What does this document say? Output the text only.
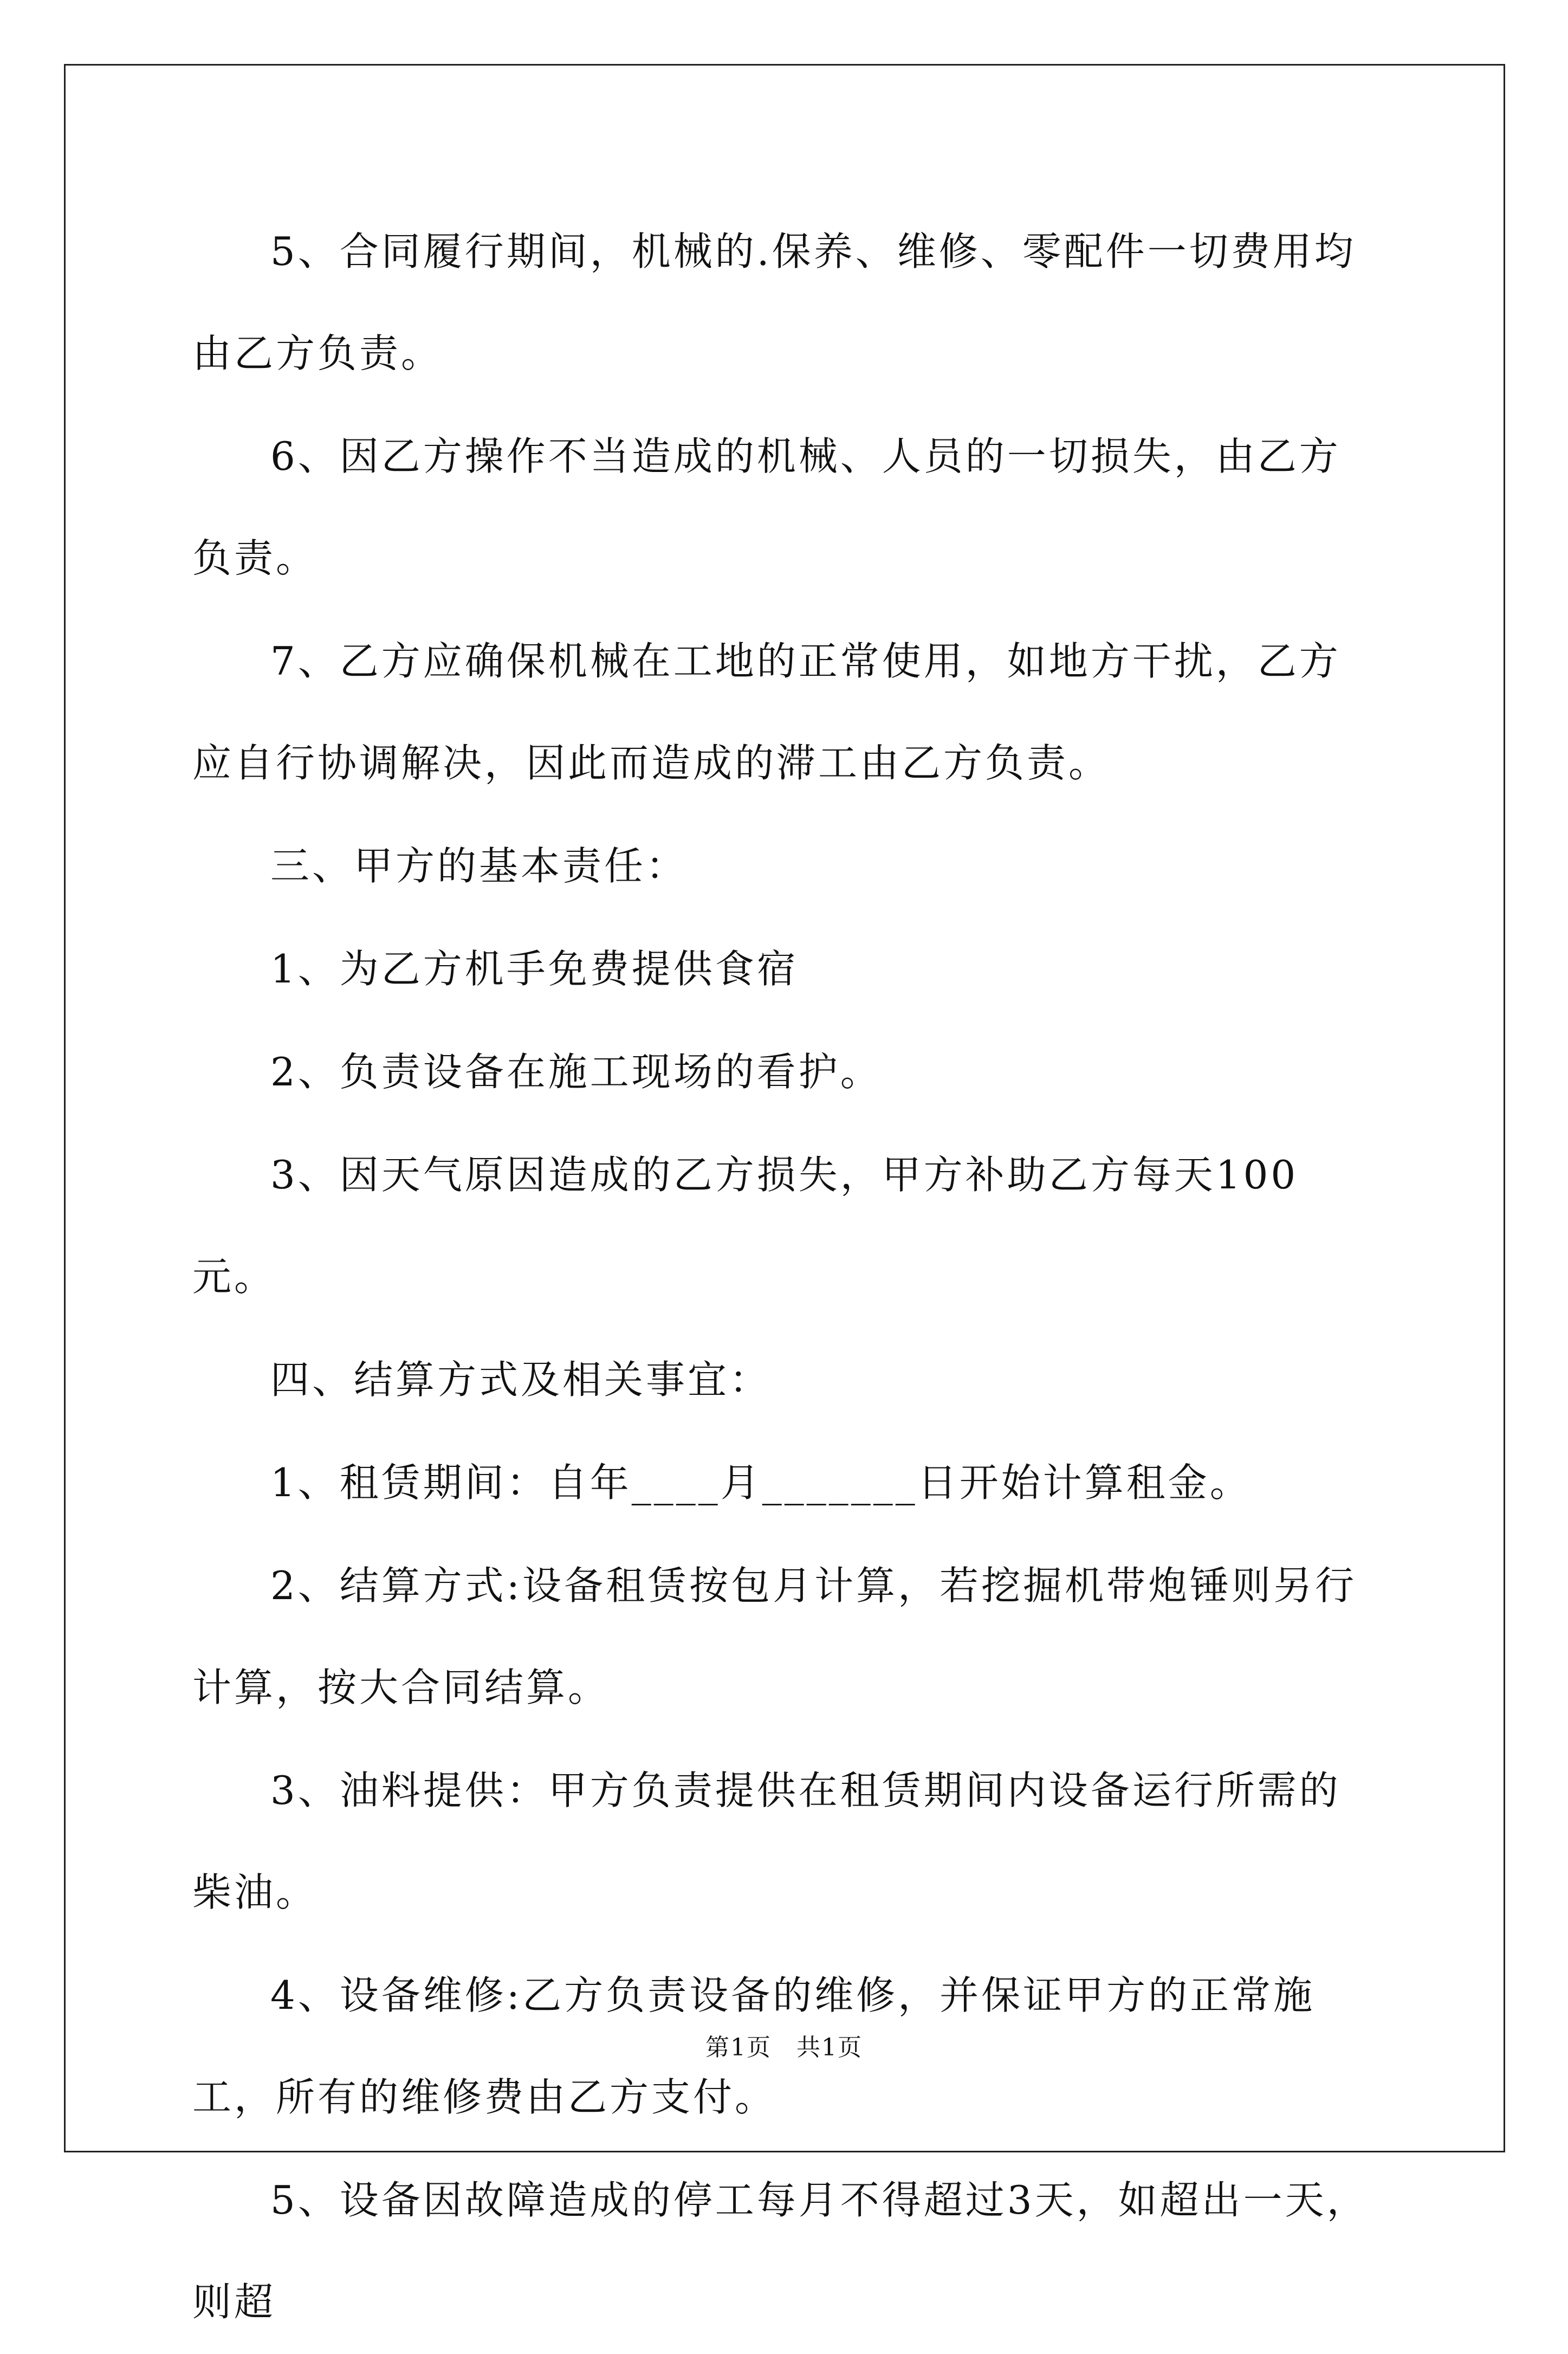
5、合同履行期间，机械的.保养、维修、零配件一切费用均由乙方负责。

6、因乙方操作不当造成的机械、人员的一切损失，由乙方负责。

7、乙方应确保机械在工地的正常使用，如地方干扰，乙方应自行协调解决，因此而造成的滞工由乙方负责。

三、甲方的基本责任：

1、为乙方机手免费提供食宿

2、负责设备在施工现场的看护。

3、因天气原因造成的乙方损失，甲方补助乙方每天100元。

四、结算方式及相关事宜：

1、租赁期间：自年____月_______日开始计算租金。

2、结算方式:设备租赁按包月计算，若挖掘机带炮锤则另行计算，按大合同结算。

3、油料提供：甲方负责提供在租赁期间内设备运行所需的柴油。

4、设备维修:乙方负责设备的维修，并保证甲方的正常施工，所有的维修费由乙方支付。

5、设备因故障造成的停工每月不得超过3天，如超出一天，则超

第1页　共1页
